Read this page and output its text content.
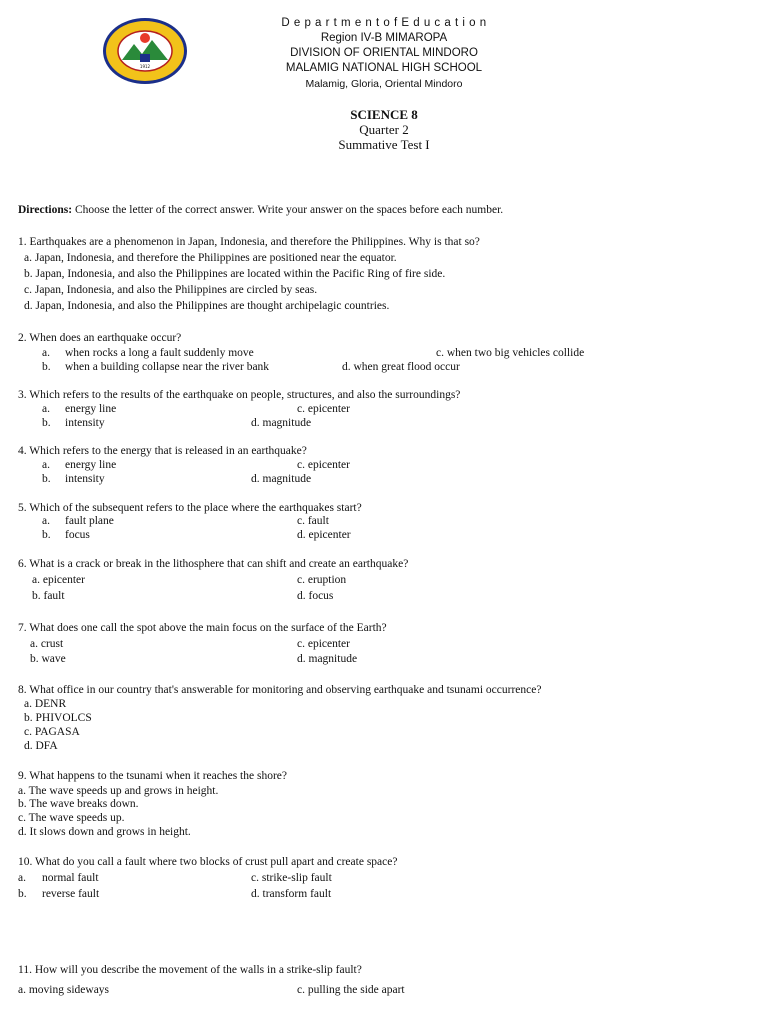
1912
D e p a r t m e n t o f E d u c a t i o n
Region IV-B MIMAROPA
DIVISION OF ORIENTAL MINDORO
MALAMIG NATIONAL HIGH SCHOOL
Malamig, Gloria, Oriental Mindoro
SCIENCE 8
Quarter 2
Summative Test I
Directions: Choose the letter of the correct answer. Write your answer on the spaces before each number.
1. Earthquakes are a phenomenon in Japan, Indonesia, and therefore the Philippines. Why is that so?
a. Japan, Indonesia, and therefore the Philippines are positioned near the equator.
b. Japan, Indonesia, and also the Philippines are located within the Pacific Ring of fire side.
c. Japan, Indonesia, and also the Philippines are circled by seas.
d. Japan, Indonesia, and also the Philippines are thought archipelagic countries.
2. When does an earthquake occur?
a. when rocks a long a fault suddenly move	c. when two big vehicles collide
b. when a building collapse near the river bank	d. when great flood occur
3. Which refers to the results of the earthquake on people, structures, and also the surroundings?
a. energy line	c. epicenter
b. intensity	d. magnitude
4. Which refers to the energy that is released in an earthquake?
a. energy line	c. epicenter
b. intensity	d. magnitude
5. Which of the subsequent refers to the place where the earthquakes start?
a. fault plane	c. fault
b. focus	d. epicenter
6. What is a crack or break in the lithosphere that can shift and create an earthquake?
a. epicenter	c. eruption
b. fault	d. focus
7. What does one call the spot above the main focus on the surface of the Earth?
a. crust	c. epicenter
b. wave	d. magnitude
8. What office in our country that's answerable for monitoring and observing earthquake and tsunami occurrence?
a. DENR
b. PHIVOLCS
c. PAGASA
d. DFA
9. What happens to the tsunami when it reaches the shore?
a. The wave speeds up and grows in height.
b. The wave breaks down.
c. The wave speeds up.
d. It slows down and grows in height.
10. What do you call a fault where two blocks of crust pull apart and create space?
a. normal fault	c. strike-slip fault
b. reverse fault	d. transform fault
11. How will you describe the movement of the walls in a strike-slip fault?
a. moving sideways	c. pulling the side apart
